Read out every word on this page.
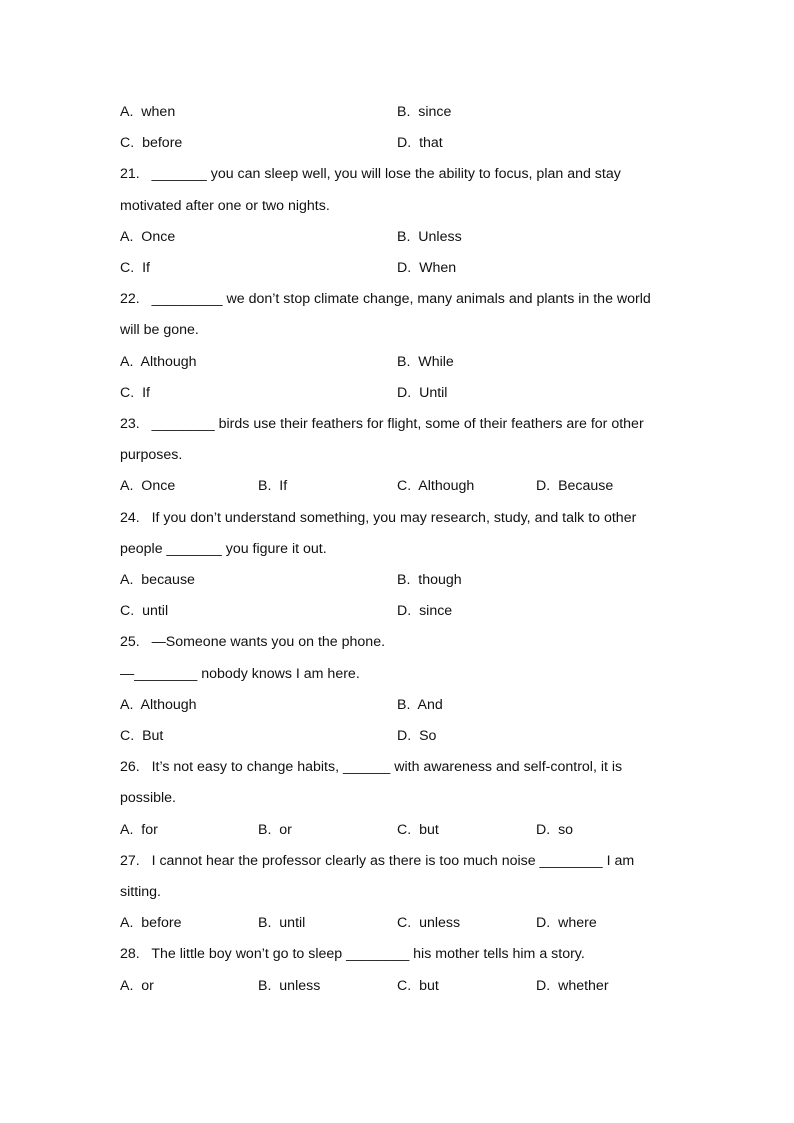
A. when	B. since
C. before	D. that
21. _______ you can sleep well, you will lose the ability to focus, plan and stay
motivated after one or two nights.
A. Once	B. Unless
C. If	D. When
22. _________ we don’t stop climate change, many animals and plants in the world
will be gone.
A. Although	B. While
C. If	D. Until
23. ________ birds use their feathers for flight, some of their feathers are for other
purposes.
A. Once	B. If	C. Although	D. Because
24. If you don’t understand something, you may research, study, and talk to other
people _______ you figure it out.
A. because	B. though
C. until	D. since
25. —Someone wants you on the phone.
—________ nobody knows I am here.
A. Although	B. And
C. But	D. So
26. It’s not easy to change habits, ______ with awareness and self-control, it is
possible.
A. for	B. or	C. but	D. so
27. I cannot hear the professor clearly as there is too much noise ________ I am
sitting.
A. before	B. until	C. unless	D. where
28. The little boy won’t go to sleep ________ his mother tells him a story.
A. or	B. unless	C. but	D. whether
